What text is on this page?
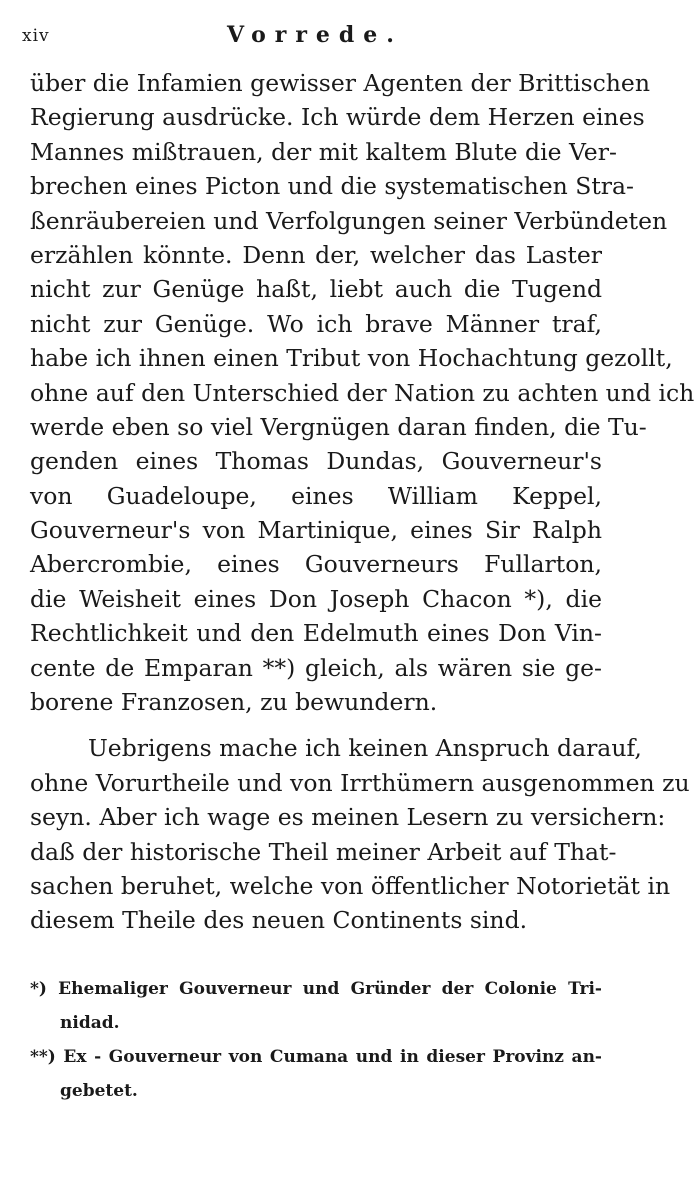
xiv	Vorrede.
über die Infamien gewisser Agenten der Brittischen
Regierung ausdrücke. Ich würde dem Herzen eines
Mannes mißtrauen, der mit kaltem Blute die Ver-
brechen eines Picton und die systematischen Stra-
ßenräubereien und Verfolgungen seiner Verbündeten
erzählen könnte. Denn der, welcher das Laster
nicht zur Genüge haßt, liebt auch die Tugend
nicht zur Genüge. Wo ich brave Männer traf,
habe ich ihnen einen Tribut von Hochachtung gezollt,
ohne auf den Unterschied der Nation zu achten und ich
werde eben so viel Vergnügen daran finden, die Tu-
genden eines Thomas Dundas, Gouverneur's
von Guadeloupe, eines William Keppel,
Gouverneur's von Martinique, eines Sir Ralph
Abercrombie, eines Gouverneurs Fullarton,
die Weisheit eines Don Joseph Chacon *), die
Rechtlichkeit und den Edelmuth eines Don Vin-
cente de Emparan **) gleich, als wären sie ge-
borene Franzosen, zu bewundern.
Uebrigens mache ich keinen Anspruch darauf,
ohne Vorurtheile und von Irrthümern ausgenommen zu
seyn. Aber ich wage es meinen Lesern zu versichern:
daß der historische Theil meiner Arbeit auf That-
sachen beruhet, welche von öffentlicher Notorietät in
diesem Theile des neuen Continents sind.
*) Ehemaliger Gouverneur und Gründer der Colonie Tri-
nidad.
**) Ex - Gouverneur von Cumana und in dieser Provinz an-
gebetet.
